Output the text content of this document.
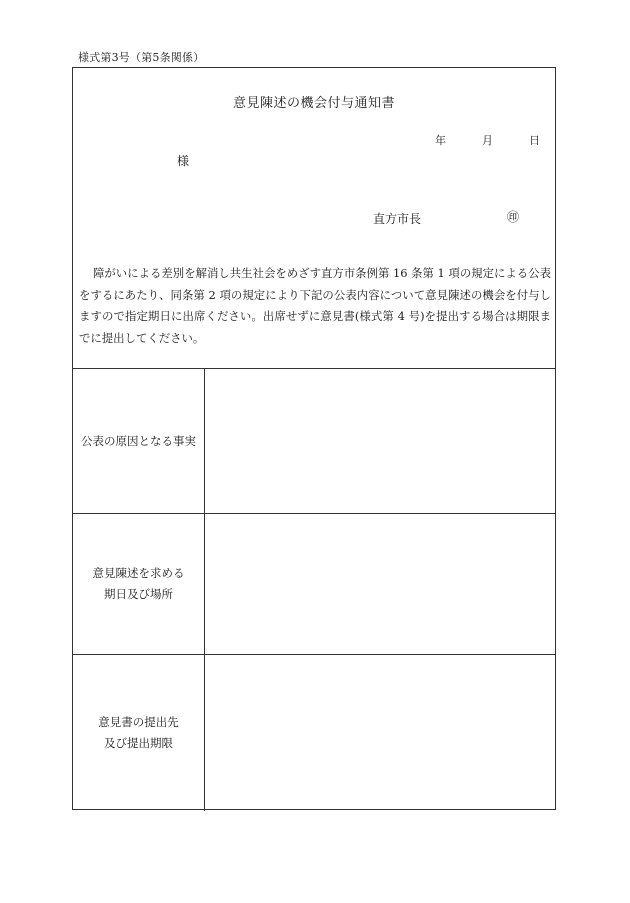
様式第3号（第5条関係）
意見陳述の機会付与通知書
年	月	日
様
直方市長	㊞
障がいによる差別を解消し共生社会をめざす直方市条例第 16 条第 1 項の規定による公表をするにあたり、同条第 2 項の規定により下記の公表内容について意見陳述の機会を付与しますので指定期日に出席ください。出席せずに意見書(様式第 4 号)を提出する場合は期限までに提出してください。
公表の原因となる事実
意見陳述を求める
期日及び場所
意見書の提出先
及び提出期限
